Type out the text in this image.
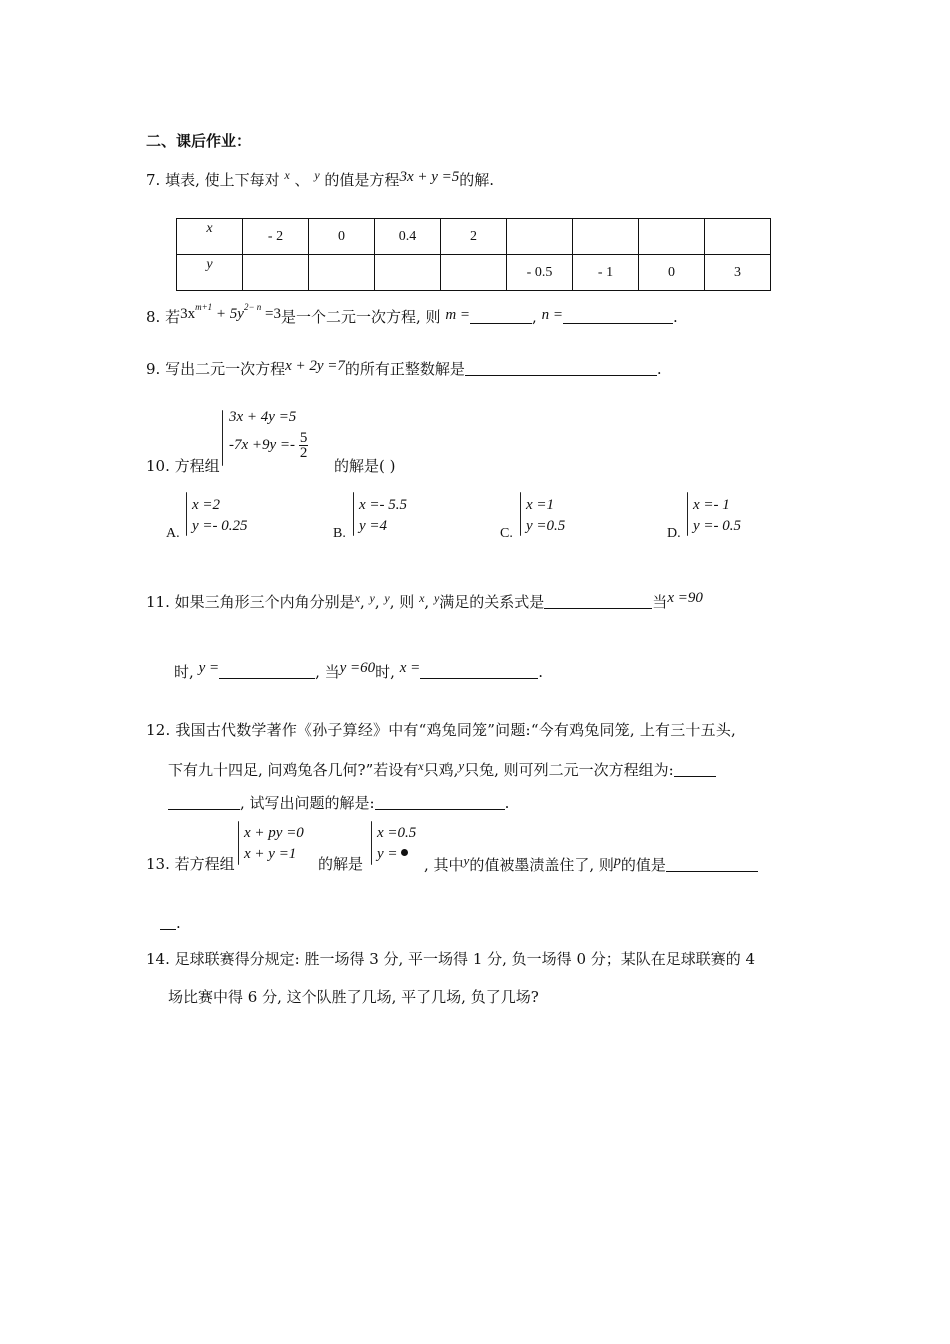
二、课后作业：
7. 填表, 使上下每对 $^x$ 、 $^y$ 的值是方程3x + y =5的解.
x	- 2	0	0.4	2				
y					- 0.5	- 1	0	3
8. 若$3x^{m+1} + 5y^{2- n} =3$是一个二元一次方程, 则 m =	, n =	.
9. 写出二元一次方程x + 2y =7的所有正整数解是	.
3x + 4y =5
$-7x +9y =- \frac{5}{2}$
10. 方程组	的解是( )
x =2
y =- 0.25
A.
x =- 5.5
y =4
B.
x =1
y =0.5
C.
x =- 1
y =- 0.5
D.
11. 如果三角形三个内角分别是$^x$, $^y$, $^y$, 则 $^x$, $^y$满足的关系式是	当x =90
时, y =	, 当y =60时, x =	.
12. 我国古代数学著作《孙子算经》中有“鸡兔同笼”问题:“今有鸡兔同笼, 上有三十五头,
下有九十四足, 问鸡兔各几何?”若设有$^x$只鸡,y只兔, 则可列二元一次方程组为:
, 试写出问题的解是:	.
x + py =0
x + y =1
x =0.5
y =
13. 若方程组	的解是	, 其中y的值被墨渍盖住了, 则p的值是
.
14. 足球联赛得分规定: 胜一场得 3 分, 平一场得 1 分, 负一场得 0 分；某队在足球联赛的 4
场比赛中得 6 分, 这个队胜了几场, 平了几场, 负了几场?
